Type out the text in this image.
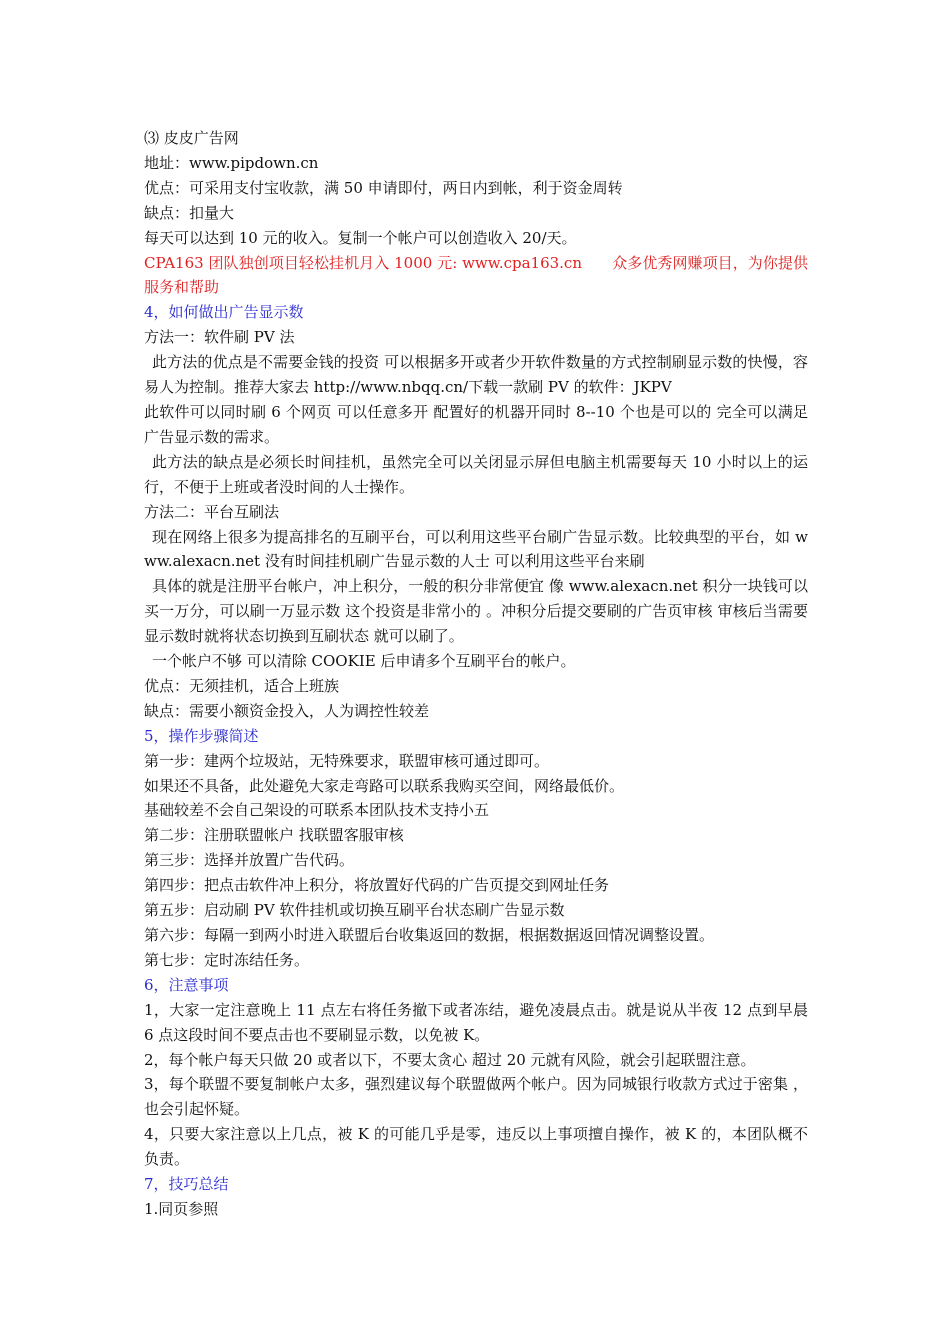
⑶ 皮皮广告网

地址：www.pipdown.cn

优点：可采用支付宝收款，满 50 申请即付，两日内到帐，利于资金周转

缺点：扣量大

每天可以达到 10 元的收入。复制一个帐户可以创造收入 20/天。

CPA163 团队独创项目轻松挂机月入 1000 元: www.cpa163.cn　　众多优秀网赚项目，为你提供服务和帮助

4，如何做出广告显示数

方法一：软件刷 PV 法

此方法的优点是不需要金钱的投资 可以根据多开或者少开软件数量的方式控制刷显示数的快慢，容易人为控制。推荐大家去 http://www.nbqq.cn/下载一款刷 PV 的软件：JKPV

此软件可以同时刷 6 个网页 可以任意多开 配置好的机器开同时 8--10 个也是可以的 完全可以满足广告显示数的需求。

此方法的缺点是必须长时间挂机，虽然完全可以关闭显示屏但电脑主机需要每天 10 小时以上的运行，不便于上班或者没时间的人士操作。

方法二：平台互刷法

现在网络上很多为提高排名的互刷平台，可以利用这些平台刷广告显示数。比较典型的平台，如 www.alexacn.net 没有时间挂机刷广告显示数的人士 可以利用这些平台来刷

具体的就是注册平台帐户，冲上积分，一般的积分非常便宜 像 www.alexacn.net 积分一块钱可以买一万分，可以刷一万显示数 这个投资是非常小的 。冲积分后提交要刷的广告页审核 审核后当需要显示数时就将状态切换到互刷状态 就可以刷了。

一个帐户不够 可以清除 COOKIE 后申请多个互刷平台的帐户。

优点：无须挂机，适合上班族

缺点：需要小额资金投入，人为调控性较差

5，操作步骤简述

第一步：建两个垃圾站，无特殊要求，联盟审核可通过即可。

如果还不具备，此处避免大家走弯路可以联系我购买空间，网络最低价。

基础较差不会自己架设的可联系本团队技术支持小五

第二步：注册联盟帐户 找联盟客服审核

第三步：选择并放置广告代码。

第四步：把点击软件冲上积分，将放置好代码的广告页提交到网址任务

第五步：启动刷 PV 软件挂机或切换互刷平台状态刷广告显示数

第六步：每隔一到两小时进入联盟后台收集返回的数据，根据数据返回情况调整设置。

第七步：定时冻结任务。

6，注意事项

1，大家一定注意晚上 11 点左右将任务撤下或者冻结，避免凌晨点击。就是说从半夜 12 点到早晨 6 点这段时间不要点击也不要刷显示数，以免被 K。

2，每个帐户每天只做 20 或者以下，不要太贪心 超过 20 元就有风险，就会引起联盟注意。

3，每个联盟不要复制帐户太多，强烈建议每个联盟做两个帐户。因为同城银行收款方式过于密集 ，也会引起怀疑。

4，只要大家注意以上几点，被 K 的可能几乎是零，违反以上事项擅自操作，被 K 的，本团队概不负责。

7，技巧总结

1.同页参照
